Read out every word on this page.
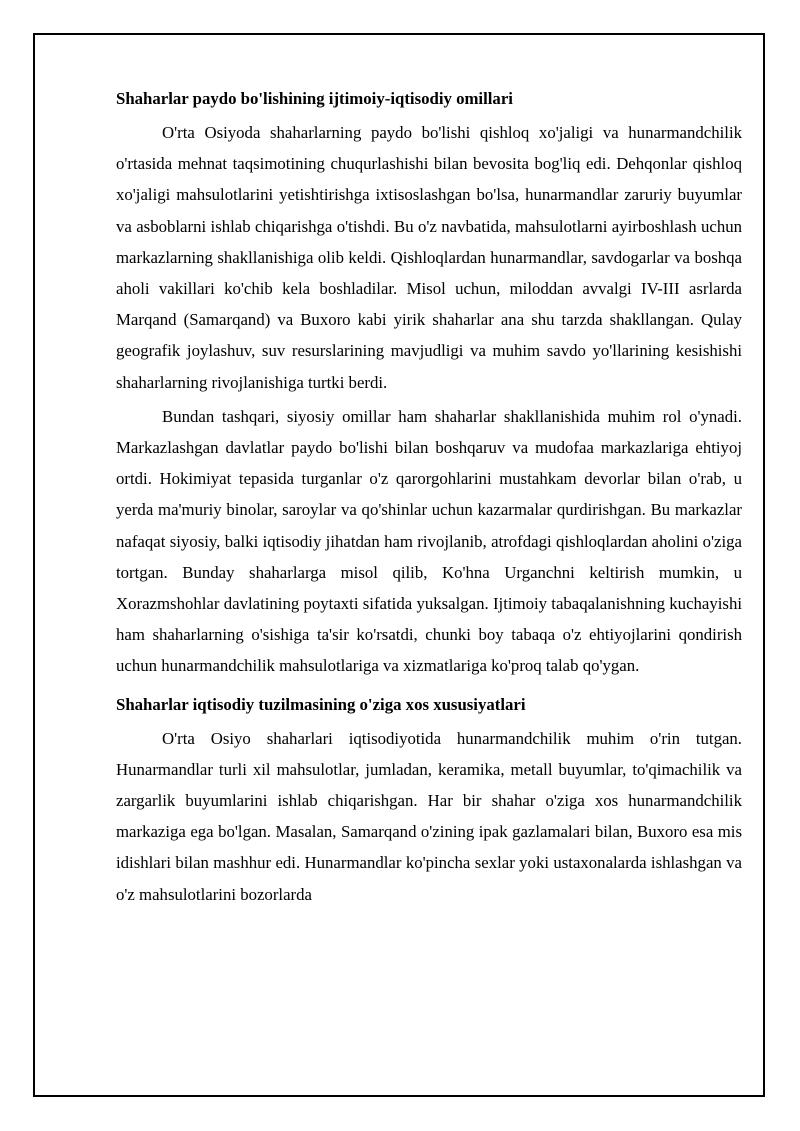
Shaharlar paydo bo'lishining ijtimoiy-iqtisodiy omillari

O'rta Osiyoda shaharlarning paydo bo'lishi qishloq xo'jaligi va hunarmandchilik o'rtasida mehnat taqsimotining chuqurlashishi bilan bevosita bog'liq edi. Dehqonlar qishloq xo'jaligi mahsulotlarini yetishtirishga ixtisoslashgan bo'lsa, hunarmandlar zaruriy buyumlar va asboblarni ishlab chiqarishga o'tishdi. Bu o'z navbatida, mahsulotlarni ayirboshlash uchun markazlarning shakllanishiga olib keldi. Qishloqlardan hunarmandlar, savdogarlar va boshqa aholi vakillari ko'chib kela boshladilar. Misol uchun, miloddan avvalgi IV-III asrlarda Marqand (Samarqand) va Buxoro kabi yirik shaharlar ana shu tarzda shakllangan. Qulay geografik joylashuv, suv resurslarining mavjudligi va muhim savdo yo'llarining kesishishi shaharlarning rivojlanishiga turtki berdi.

Bundan tashqari, siyosiy omillar ham shaharlar shakllanishida muhim rol o'ynadi. Markazlashgan davlatlar paydo bo'lishi bilan boshqaruv va mudofaa markazlariga ehtiyoj ortdi. Hokimiyat tepasida turganlar o'z qarorgohlarini mustahkam devorlar bilan o'rab, u yerda ma'muriy binolar, saroylar va qo'shinlar uchun kazarmalar qurdirishgan. Bu markazlar nafaqat siyosiy, balki iqtisodiy jihatdan ham rivojlanib, atrofdagi qishloqlardan aholini o'ziga tortgan. Bunday shaharlarga misol qilib, Ko'hna Urganchni keltirish mumkin, u Xorazmshohlar davlatining poytaxti sifatida yuksalgan. Ijtimoiy tabaqalanishning kuchayishi ham shaharlarning o'sishiga ta'sir ko'rsatdi, chunki boy tabaqa o'z ehtiyojlarini qondirish uchun hunarmandchilik mahsulotlariga va xizmatlariga ko'proq talab qo'ygan.

Shaharlar iqtisodiy tuzilmasining o'ziga xos xususiyatlari

O'rta Osiyo shaharlari iqtisodiyotida hunarmandchilik muhim o'rin tutgan. Hunarmandlar turli xil mahsulotlar, jumladan, keramika, metall buyumlar, to'qimachilik va zargarlik buyumlarini ishlab chiqarishgan. Har bir shahar o'ziga xos hunarmandchilik markaziga ega bo'lgan. Masalan, Samarqand o'zining ipak gazlamalari bilan, Buxoro esa mis idishlari bilan mashhur edi. Hunarmandlar ko'pincha sexlar yoki ustaxonalarda ishlashgan va o'z mahsulotlarini bozorlarda
